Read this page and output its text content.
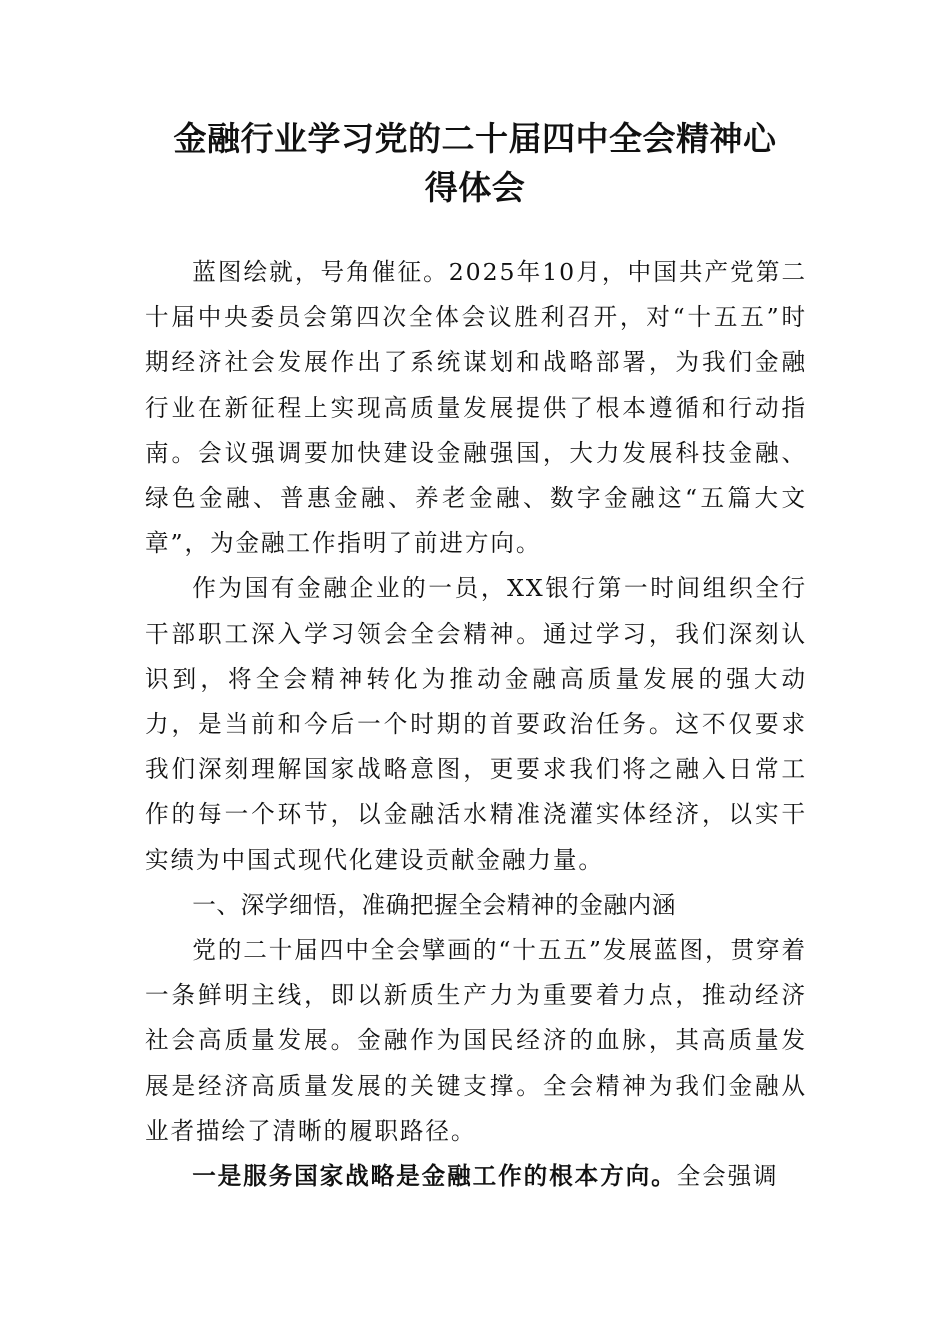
金融行业学习党的二十届四中全会精神心
得体会

蓝图绘就，号角催征。2025年10月，中国共产党第二十届中央委员会第四次全体会议胜利召开，对“十五五”时期经济社会发展作出了系统谋划和战略部署，为我们金融行业在新征程上实现高质量发展提供了根本遵循和行动指南。会议强调要加快建设金融强国，大力发展科技金融、绿色金融、普惠金融、养老金融、数字金融这“五篇大文章”，为金融工作指明了前进方向。

作为国有金融企业的一员，XX银行第一时间组织全行干部职工深入学习领会全会精神。通过学习，我们深刻认识到，将全会精神转化为推动金融高质量发展的强大动力，是当前和今后一个时期的首要政治任务。这不仅要求我们深刻理解国家战略意图，更要求我们将之融入日常工作的每一个环节，以金融活水精准浇灌实体经济，以实干实绩为中国式现代化建设贡献金融力量。

一、深学细悟，准确把握全会精神的金融内涵

党的二十届四中全会擘画的“十五五”发展蓝图，贯穿着一条鲜明主线，即以新质生产力为重要着力点，推动经济社会高质量发展。金融作为国民经济的血脉，其高质量发展是经济高质量发展的关键支撑。全会精神为我们金融从业者描绘了清晰的履职路径。

一是服务国家战略是金融工作的根本方向。全会强调
